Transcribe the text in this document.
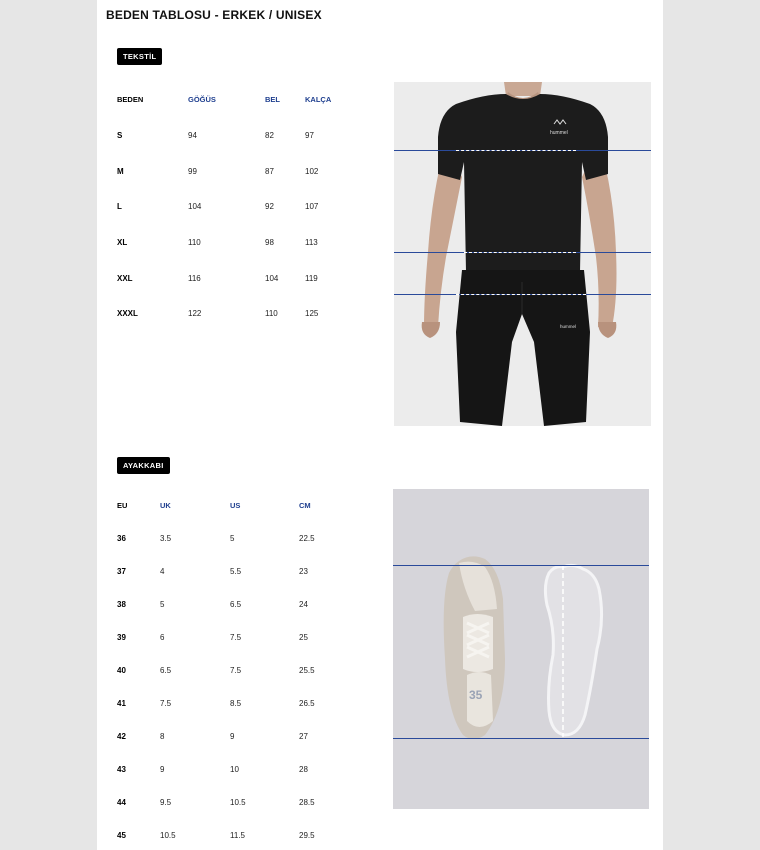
BEDEN TABLOSU - ERKEK / UNISEX
TEKSTİL
BEDEN	GÖĞÜS	BEL	KALÇA
S	94	82	97
M	99	87	102
L	104	92	107
XL	110	98	113
XXL	116	104	119
XXXL	122	110	125
hummel
hummel
AYAKKABI
EU	UK	US	CM
36	3.5	5	22.5
37	4	5.5	23
38	5	6.5	24
39	6	7.5	25
40	6.5	7.5	25.5
41	7.5	8.5	26.5
42	8	9	27
43	9	10	28
44	9.5	10.5	28.5
45	10.5	11.5	29.5
35
